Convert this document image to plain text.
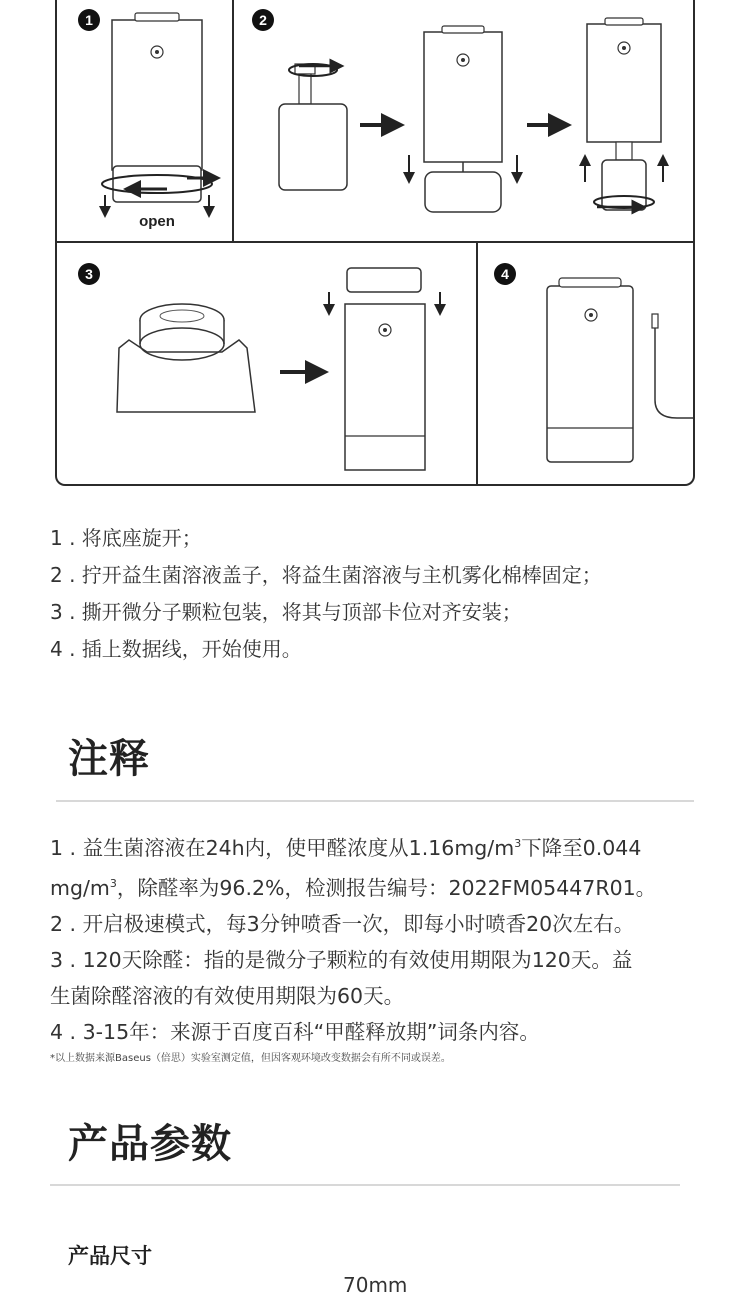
1
open
2
3	4
1 . 将底座旋开；
2 . 拧开益生菌溶液盖子，将益生菌溶液与主机雾化棉棒固定；
3 . 撕开微分子颗粒包装，将其与顶部卡位对齐安装；
4 . 插上数据线，开始使用。
注释
1 . 益生菌溶液在24h内，使甲醛浓度从$1.16mg/m^3$下降至0.044
$mg/m^3$，除醛率为96.2%，检测报告编号：2022FM05447R01。
2 . 开启极速模式，每3分钟喷香一次，即每小时喷香20次左右。
3 . 120天除醛：指的是微分子颗粒的有效使用期限为120天。益
生菌除醛溶液的有效使用期限为60天。
4 . 3-15年：来源于百度百科“甲醛释放期”词条内容。
*以上数据来源Baseus（倍思）实验室测定值，但因客观环境改变数据会有所不同或误差。
产品参数
产品尺寸
70mm
